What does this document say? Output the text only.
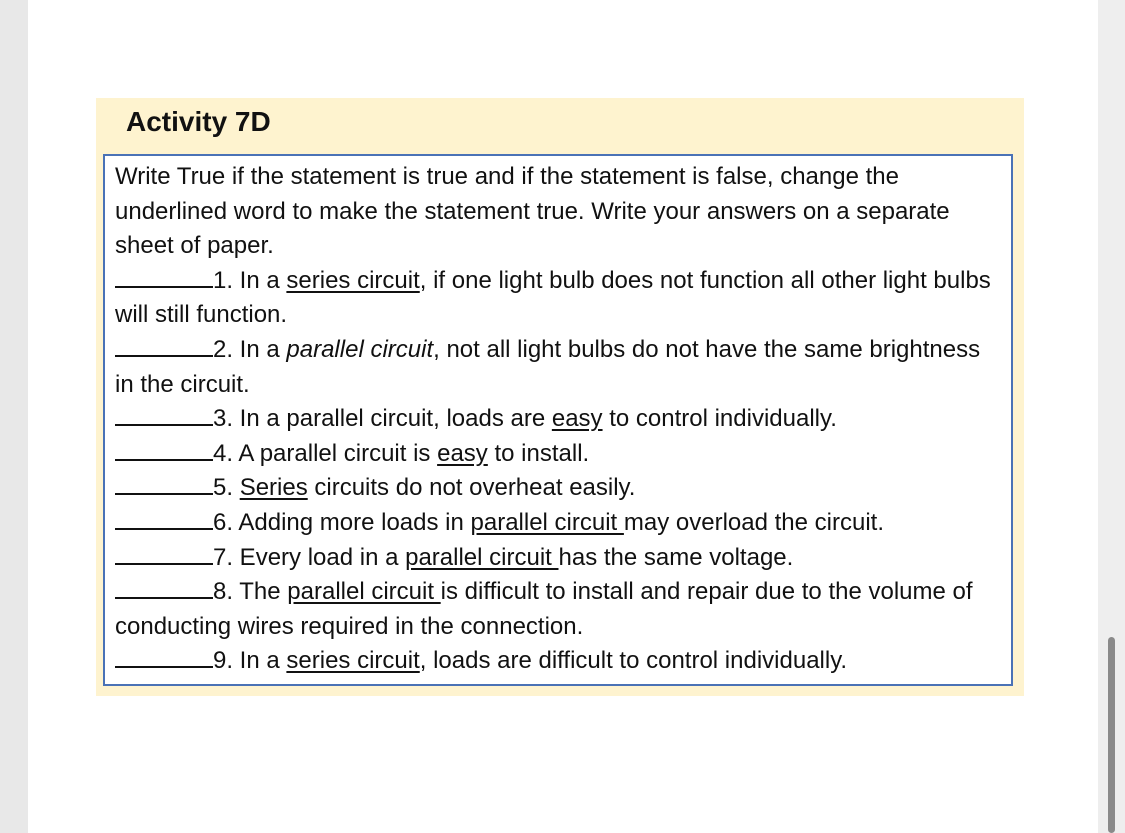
Activity 7D

Write True if the statement is true and if the statement is false, change the underlined word to make the statement true. Write your answers on a separate sheet of paper.

1. In a series circuit, if one light bulb does not function all other light bulbs will still function.

2. In a parallel circuit, not all light bulbs do not have the same brightness in the circuit.

3. In a parallel circuit, loads are easy to control individually.

4. A parallel circuit is easy to install.

5. Series circuits do not overheat easily.

6. Adding more loads in parallel circuit may overload the circuit.

7. Every load in a parallel circuit has the same voltage.

8. The parallel circuit is difficult to install and repair due to the volume of conducting wires required in the connection.

9. In a series circuit, loads are difficult to control individually.
